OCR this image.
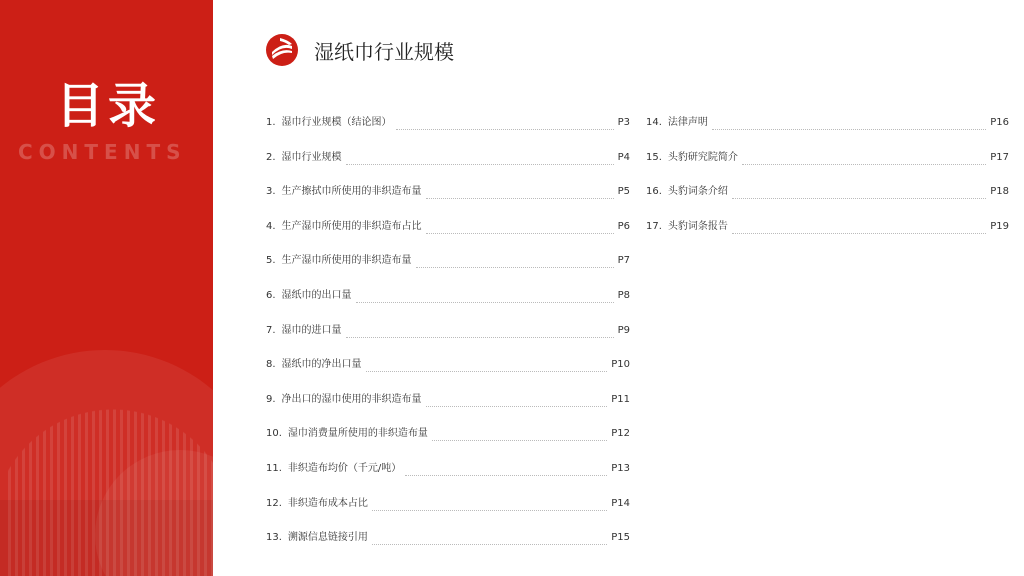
目录
CONTENTS
湿纸巾行业规模
1. 湿巾行业规模（结论图）	P3
2. 湿巾行业规模	P4
3. 生产擦拭巾所使用的非织造布量	P5
4. 生产湿巾所使用的非织造布占比	P6
5. 生产湿巾所使用的非织造布量	P7
6. 湿纸巾的出口量	P8
7. 湿巾的进口量	P9
8. 湿纸巾的净出口量	P10
9. 净出口的湿巾使用的非织造布量	P11
10. 湿巾消费量所使用的非织造布量	P12
11. 非织造布均价（千元/吨）	P13
12. 非织造布成本占比	P14
13. 溯源信息链接引用	P15
14. 法律声明	P16
15. 头豹研究院简介	P17
16. 头豹词条介绍	P18
17. 头豹词条报告	P19
